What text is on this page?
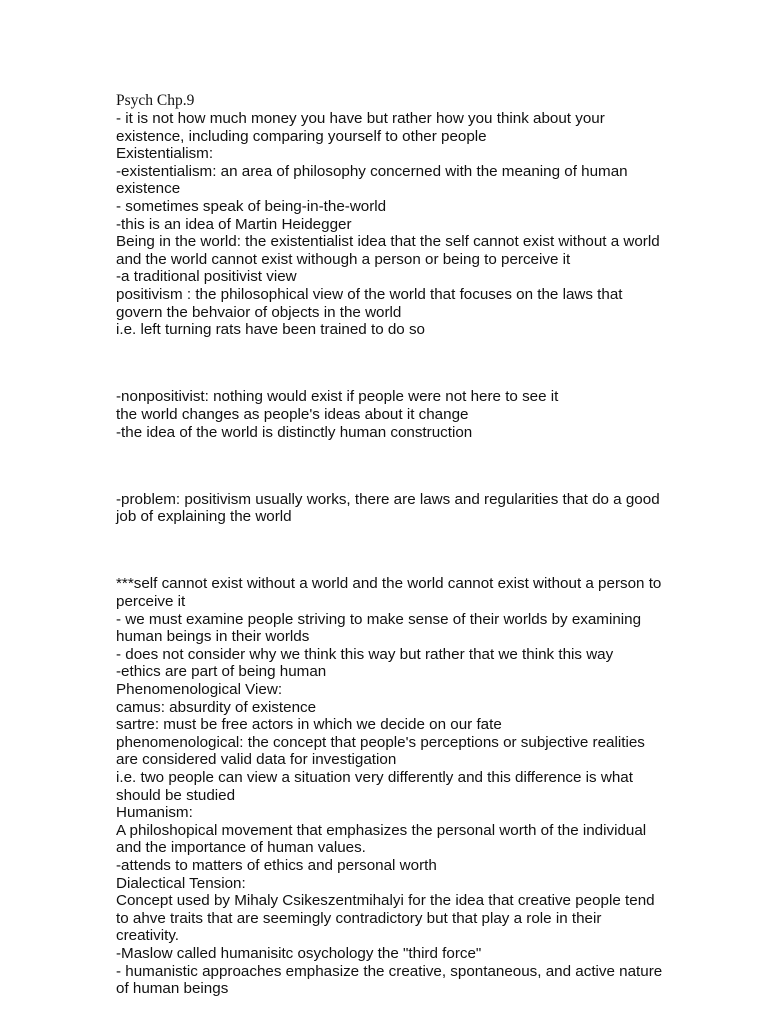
Psych Chp.9

- it is not how much money you have but rather how you think about your

existence, including comparing yourself to other people

Existentialism:

-existentialism: an area of philosophy concerned with the meaning of human

existence

- sometimes speak of being-in-the-world

-this is an idea of Martin Heidegger

Being in the world: the existentialist idea that the self cannot exist without a world

and the world cannot exist withough a person or being to perceive it

-a traditional positivist view

positivism : the philosophical view of the world that focuses on the laws that

govern the behvaior of objects in the world

i.e. left turning rats have been trained to do so

-nonpositivist: nothing would exist if people were not here to see it

the world changes as people's ideas about it change

-the idea of the world is distinctly human construction

-problem: positivism usually works, there are laws and regularities that do a good

job of explaining the world

***self cannot exist without a world and the world cannot exist without a person to

perceive it

- we must examine people striving to make sense of their worlds by examining

human beings in their worlds

- does not consider why we think this way but rather that we think this way

-ethics are part of being human

Phenomenological View:

camus: absurdity of existence

sartre: must be free actors in which we decide on our fate

phenomenological: the concept that people's perceptions or subjective realities

are considered valid data for investigation

i.e. two people can view a situation very differently and this difference is what

should be studied

Humanism:

A philoshopical movement that emphasizes the personal worth of the individual

and the importance of human values.

-attends to matters of ethics and personal worth

Dialectical Tension:

Concept used by Mihaly Csikeszentmihalyi for the idea that creative people tend

to ahve traits that are seemingly contradictory but that play a role in their

creativity.

-Maslow called humanisitc osychology the "third force"

- humanistic approaches emphasize the creative, spontaneous, and active nature

of human beings
